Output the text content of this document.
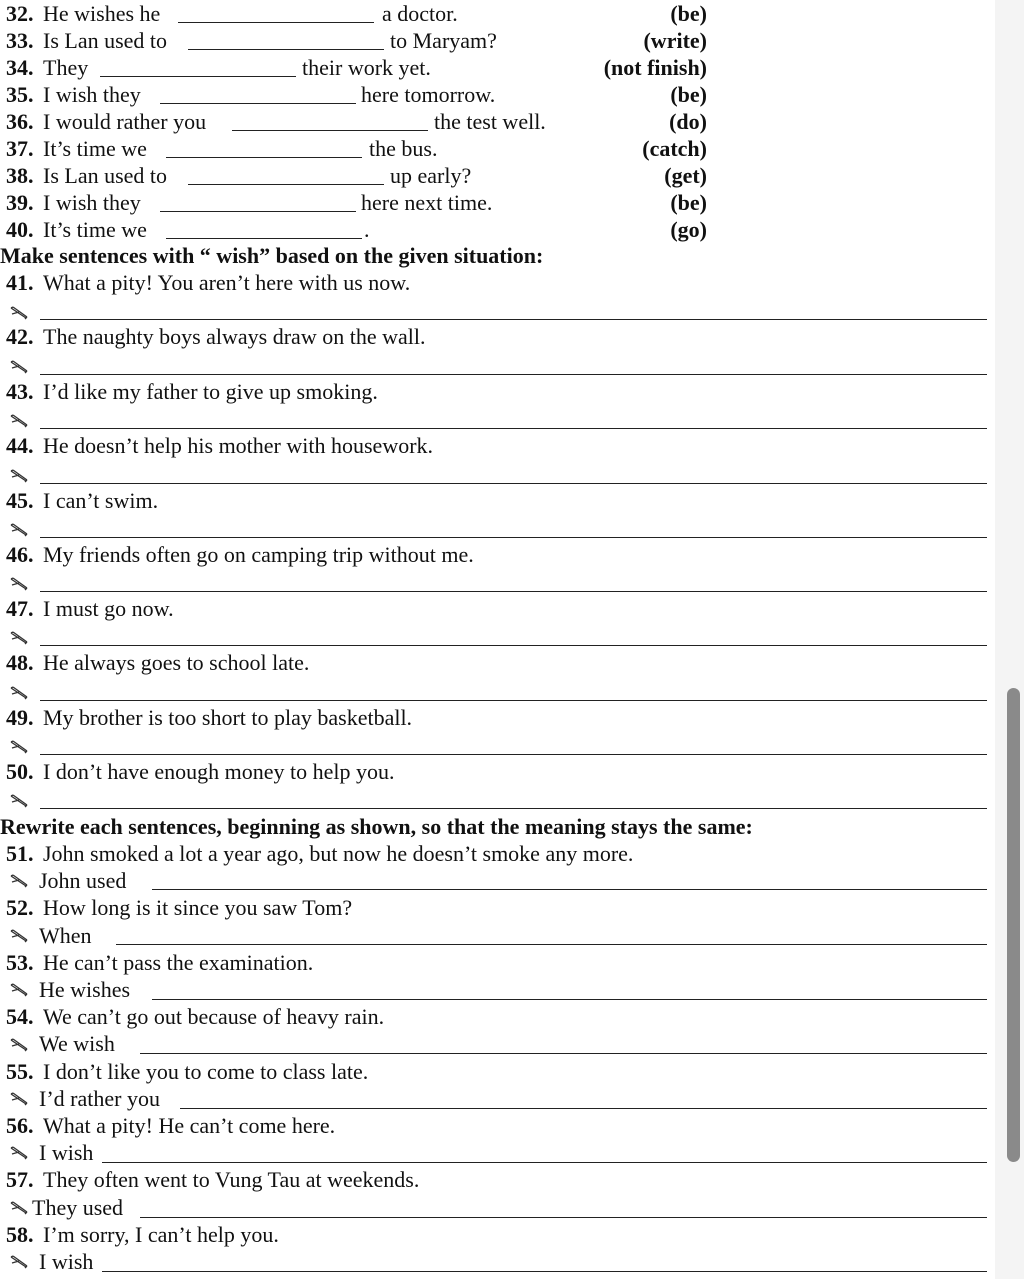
32. He wishes he	a doctor.	(be)
33. Is Lan used to	to Maryam?	(write)
34. They	their work yet.	(not finish)
35. I wish they	here tomorrow.	(be)
36. I would rather you	the test well.	(do)
37. It’s time we	the bus.	(catch)
38. Is Lan used to	up early?	(get)
39. I wish they	here next time.	(be)
40. It’s time we	.	(go)
Make sentences with “ wish” based on the given situation:
41. What a pity! You aren’t here with us now.
42. The naughty boys always draw on the wall.
43. I’d like my father to give up smoking.
44. He doesn’t help his mother with housework.
45. I can’t swim.
46. My friends often go on camping trip without me.
47. I must go now.
48. He always goes to school late.
49. My brother is too short to play basketball.
50. I don’t have enough money to help you.
Rewrite each sentences, beginning as shown, so that the meaning stays the same:
51. John smoked a lot a year ago, but now he doesn’t smoke any more.
John used
52. How long is it since you saw Tom?
When
53. He can’t pass the examination.
He wishes
54. We can’t go out because of heavy rain.
We wish
55. I don’t like you to come to class late.
I’d rather you
56. What a pity! He can’t come here.
I wish
57. They often went to Vung Tau at weekends.
They used
58. I’m sorry, I can’t help you.
I wish
